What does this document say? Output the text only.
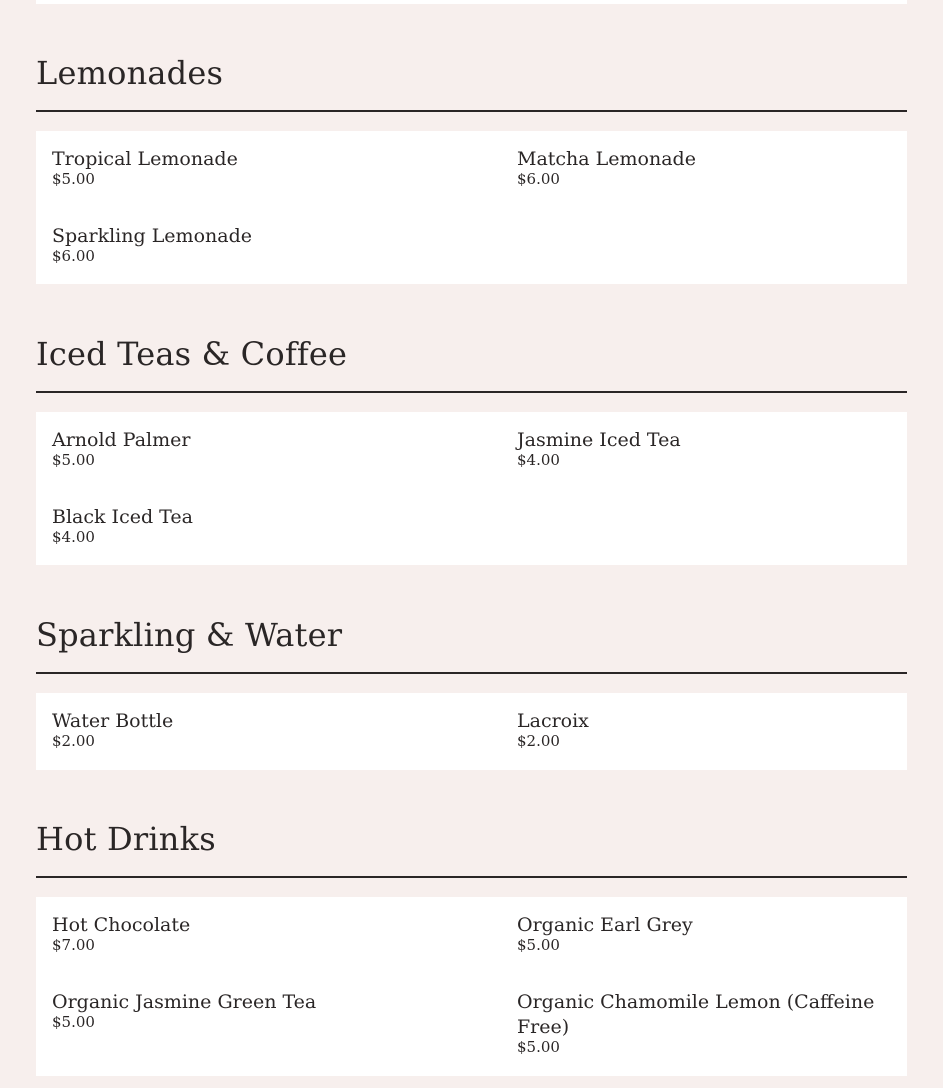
Lemonades
Tropical Lemonade
$5.00
Matcha Lemonade
$6.00
Sparkling Lemonade
$6.00
Iced Teas & Coffee
Arnold Palmer
$5.00
Jasmine Iced Tea
$4.00
Black Iced Tea
$4.00
Sparkling & Water
Water Bottle
$2.00
Lacroix
$2.00
Hot Drinks
Hot Chocolate
$7.00
Organic Earl Grey
$5.00
Organic Jasmine Green Tea
$5.00
Organic Chamomile Lemon (Caffeine Free)
$5.00
